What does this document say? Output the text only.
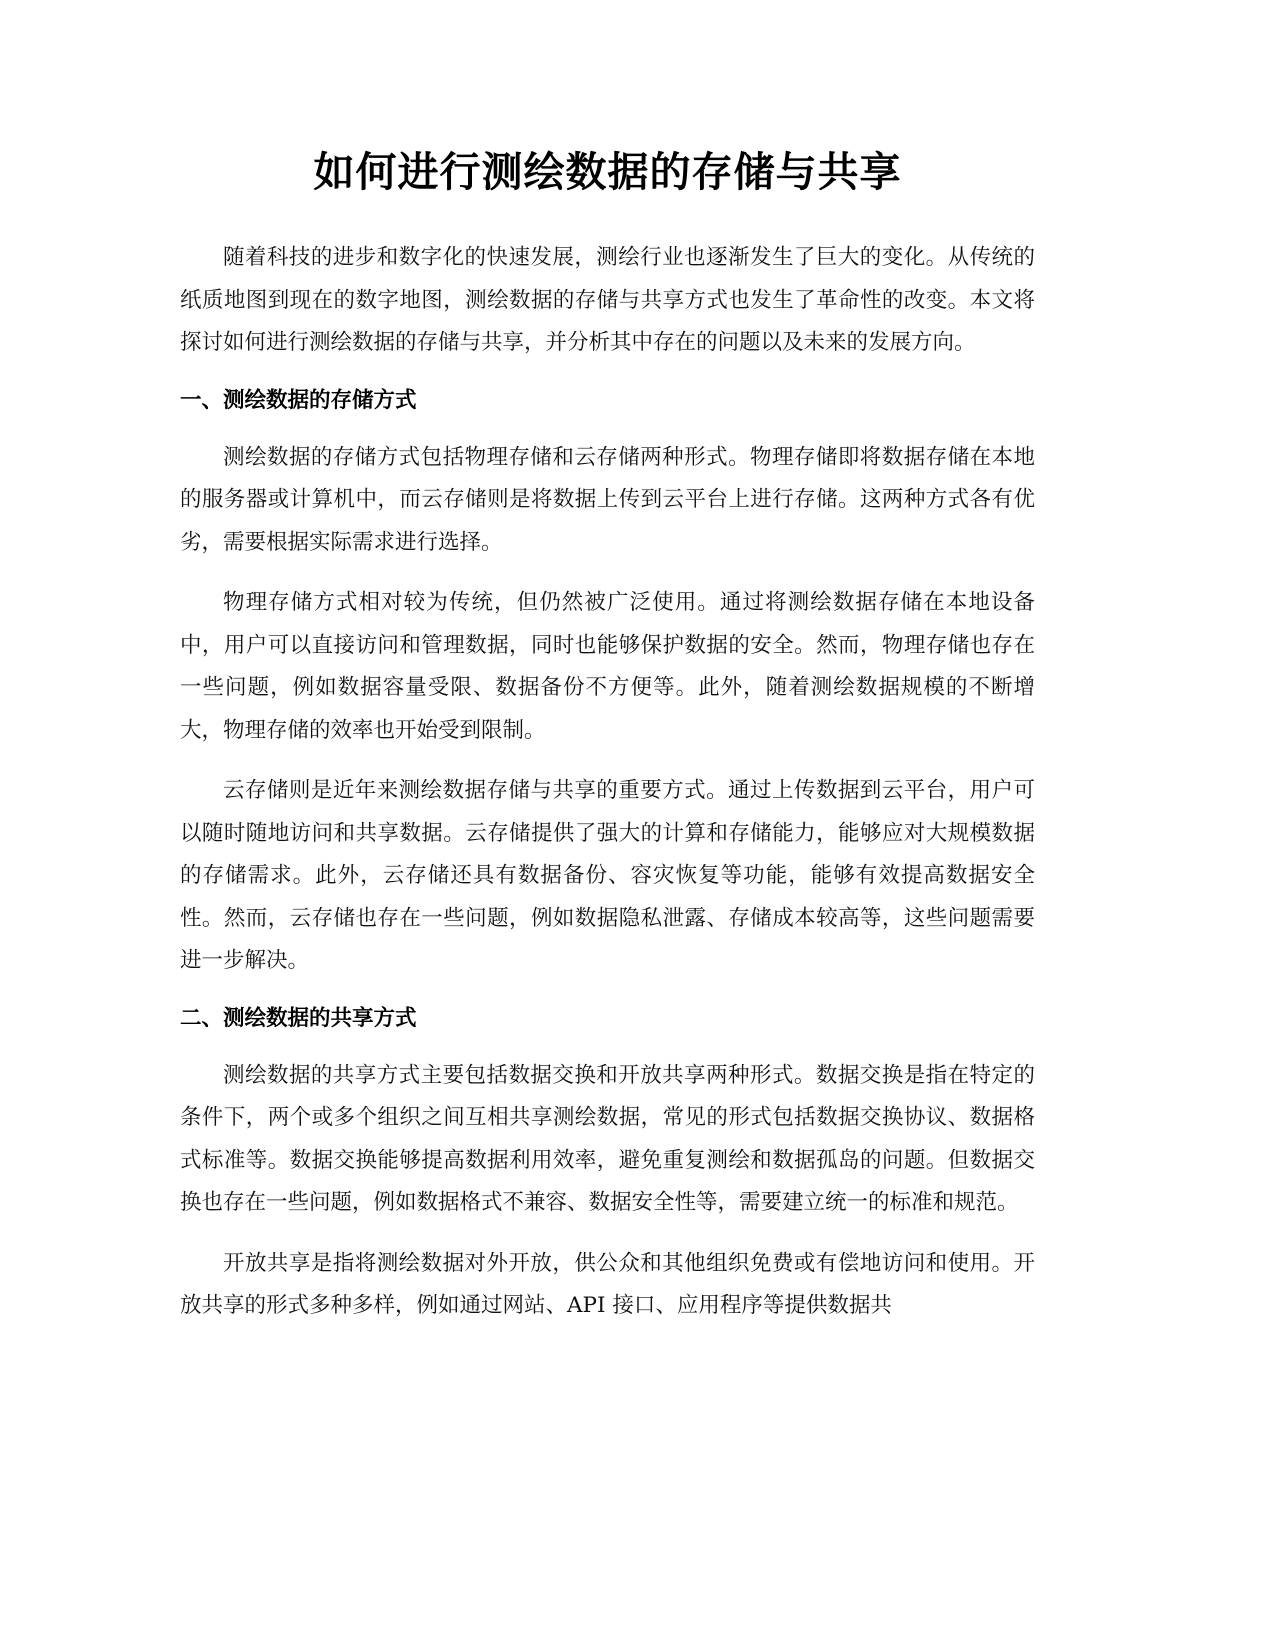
如何进行测绘数据的存储与共享

随着科技的进步和数字化的快速发展，测绘行业也逐渐发生了巨大的变化。从传统的纸质地图到现在的数字地图，测绘数据的存储与共享方式也发生了革命性的改变。本文将探讨如何进行测绘数据的存储与共享，并分析其中存在的问题以及未来的发展方向。

一、测绘数据的存储方式

测绘数据的存储方式包括物理存储和云存储两种形式。物理存储即将数据存储在本地的服务器或计算机中，而云存储则是将数据上传到云平台上进行存储。这两种方式各有优劣，需要根据实际需求进行选择。

物理存储方式相对较为传统，但仍然被广泛使用。通过将测绘数据存储在本地设备中，用户可以直接访问和管理数据，同时也能够保护数据的安全。然而，物理存储也存在一些问题，例如数据容量受限、数据备份不方便等。此外，随着测绘数据规模的不断增大，物理存储的效率也开始受到限制。

云存储则是近年来测绘数据存储与共享的重要方式。通过上传数据到云平台，用户可以随时随地访问和共享数据。云存储提供了强大的计算和存储能力，能够应对大规模数据的存储需求。此外，云存储还具有数据备份、容灾恢复等功能，能够有效提高数据安全性。然而，云存储也存在一些问题，例如数据隐私泄露、存储成本较高等，这些问题需要进一步解决。

二、测绘数据的共享方式

测绘数据的共享方式主要包括数据交换和开放共享两种形式。数据交换是指在特定的条件下，两个或多个组织之间互相共享测绘数据，常见的形式包括数据交换协议、数据格式标准等。数据交换能够提高数据利用效率，避免重复测绘和数据孤岛的问题。但数据交换也存在一些问题，例如数据格式不兼容、数据安全性等，需要建立统一的标准和规范。

开放共享是指将测绘数据对外开放，供公众和其他组织免费或有偿地访问和使用。开放共享的形式多种多样，例如通过网站、API 接口、应用程序等提供数据共
